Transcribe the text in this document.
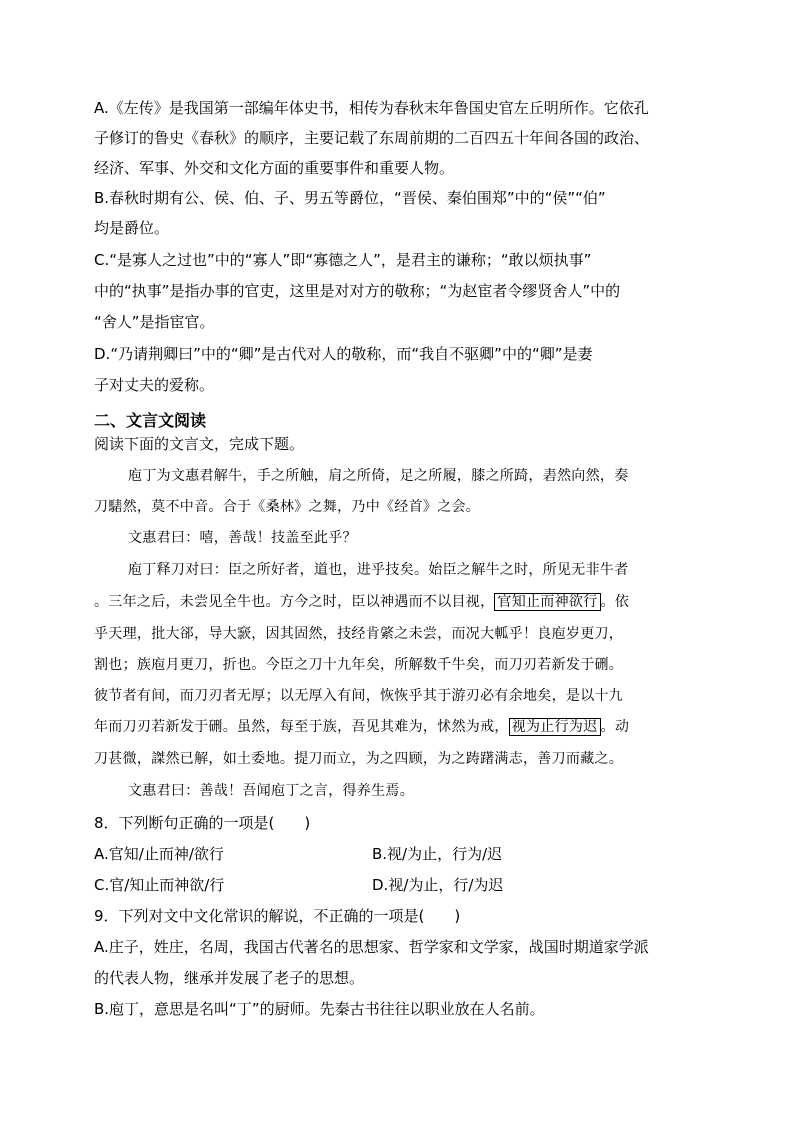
A.《左传》是我国第一部编年体史书，相传为春秋末年鲁国史官左丘明所作。它依孔
子修订的鲁史《春秋》的顺序，主要记载了东周前期的二百四五十年间各国的政治、
经济、军事、外交和文化方面的重要事件和重要人物。
B.春秋时期有公、侯、伯、子、男五等爵位，“晋侯、秦伯围郑”中的“侯”“伯”
均是爵位。
C.“是寡人之过也”中的“寡人”即“寡德之人”，是君主的谦称；“敢以烦执事”
中的“执事”是指办事的官吏，这里是对对方的敬称；“为赵宦者令缪贤舍人”中的
“舍人”是指宦官。
D.“乃请荆卿曰”中的“卿”是古代对人的敬称，而“我自不驱卿”中的“卿”是妻
子对丈夫的爱称。
二、文言文阅读
阅读下面的文言文，完成下题。
庖丁为文惠君解牛，手之所触，肩之所倚，足之所履，膝之所踦，砉然向然，奏
刀騞然，莫不中音。合于《桑林》之舞，乃中《经首》之会。
文惠君曰：嘻，善哉！技盖至此乎？
庖丁释刀对曰：臣之所好者，道也，进乎技矣。始臣之解牛之时，所见无非牛者
。三年之后，未尝见全牛也。方今之时，臣以神遇而不以目视， 官知止而神欲行 。依
乎天理，批大郤，导大窾，因其固然，技经肯綮之未尝，而况大軱乎！良庖岁更刀，
割也；族庖月更刀，折也。今臣之刀十九年矣，所解数千牛矣，而刀刃若新发于硎。
彼节者有间，而刀刃者无厚；以无厚入有间，恢恢乎其于游刃必有余地矣，是以十九
年而刀刃若新发于硎。虽然，每至于族，吾见其难为，怵然为戒， 视为止行为迟 。动
刀甚微，謋然已解，如土委地。提刀而立，为之四顾，为之踌躇满志，善刀而藏之。
文惠君曰：善哉！吾闻庖丁之言，得养生焉。
8．下列断句正确的一项是(　　)
A.官知/止而神/欲行	B.视/为止，行为/迟
C.官/知止而神欲/行	D.视/为止，行/为迟
9．下列对文中文化常识的解说，不正确的一项是(　　)
A.庄子，姓庄，名周，我国古代著名的思想家、哲学家和文学家，战国时期道家学派
的代表人物，继承并发展了老子的思想。
B.庖丁，意思是名叫“丁”的厨师。先秦古书往往以职业放在人名前。
